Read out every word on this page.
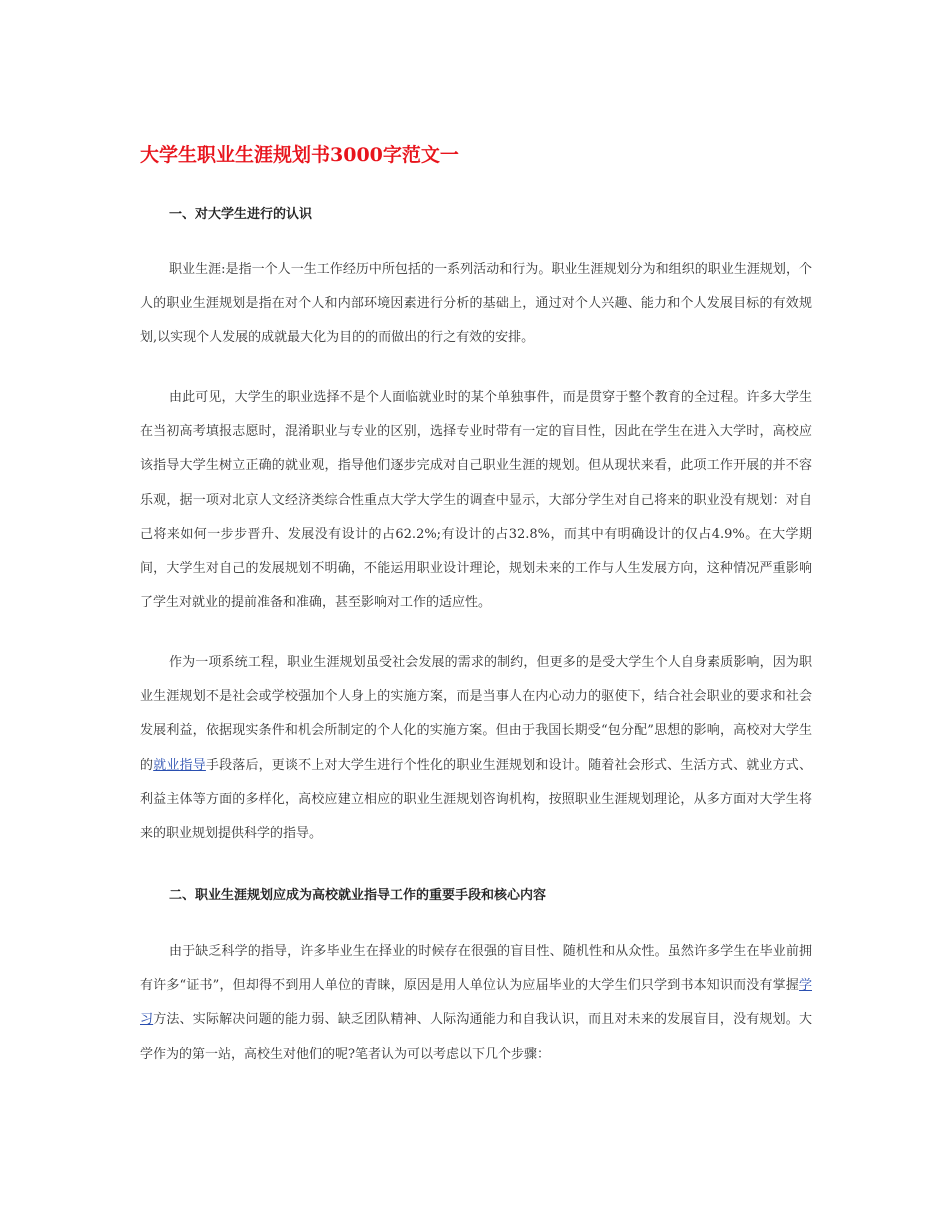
大学生职业生涯规划书3000字范文一
一、对大学生进行的认识

职业生涯:是指一个人一生工作经历中所包括的一系列活动和行为。职业生涯规划分为和组织的职业生涯规划，个人的职业生涯规划是指在对个人和内部环境因素进行分析的基础上，通过对个人兴趣、能力和个人发展目标的有效规划,以实现个人发展的成就最大化为目的的而做出的行之有效的安排。

由此可见，大学生的职业选择不是个人面临就业时的某个单独事件，而是贯穿于整个教育的全过程。许多大学生在当初高考填报志愿时，混淆职业与专业的区别，选择专业时带有一定的盲目性，因此在学生在进入大学时，高校应该指导大学生树立正确的就业观，指导他们逐步完成对自己职业生涯的规划。但从现状来看，此项工作开展的并不容乐观，据一项对北京人文经济类综合性重点大学大学生的调查中显示，大部分学生对自己将来的职业没有规划：对自己将来如何一步步晋升、发展没有设计的占62.2%;有设计的占32.8%，而其中有明确设计的仅占4.9%。在大学期间，大学生对自己的发展规划不明确，不能运用职业设计理论，规划未来的工作与人生发展方向，这种情况严重影响了学生对就业的提前准备和准确，甚至影响对工作的适应性。

作为一项系统工程，职业生涯规划虽受社会发展的需求的制约，但更多的是受大学生个人自身素质影响，因为职业生涯规划不是社会或学校强加个人身上的实施方案，而是当事人在内心动力的驱使下，结合社会职业的要求和社会发展利益，依据现实条件和机会所制定的个人化的实施方案。但由于我国长期受“包分配”思想的影响，高校对大学生的就业指导手段落后，更谈不上对大学生进行个性化的职业生涯规划和设计。随着社会形式、生活方式、就业方式、利益主体等方面的多样化，高校应建立相应的职业生涯规划咨询机构，按照职业生涯规划理论，从多方面对大学生将来的职业规划提供科学的指导。

二、职业生涯规划应成为高校就业指导工作的重要手段和核心内容

由于缺乏科学的指导，许多毕业生在择业的时候存在很强的盲目性、随机性和从众性。虽然许多学生在毕业前拥有许多“证书”，但却得不到用人单位的青睐，原因是用人单位认为应届毕业的大学生们只学到书本知识而没有掌握学习方法、实际解决问题的能力弱、缺乏团队精神、人际沟通能力和自我认识，而且对未来的发展盲目，没有规划。大学作为的第一站，高校生对他们的呢?笔者认为可以考虑以下几个步骤：
